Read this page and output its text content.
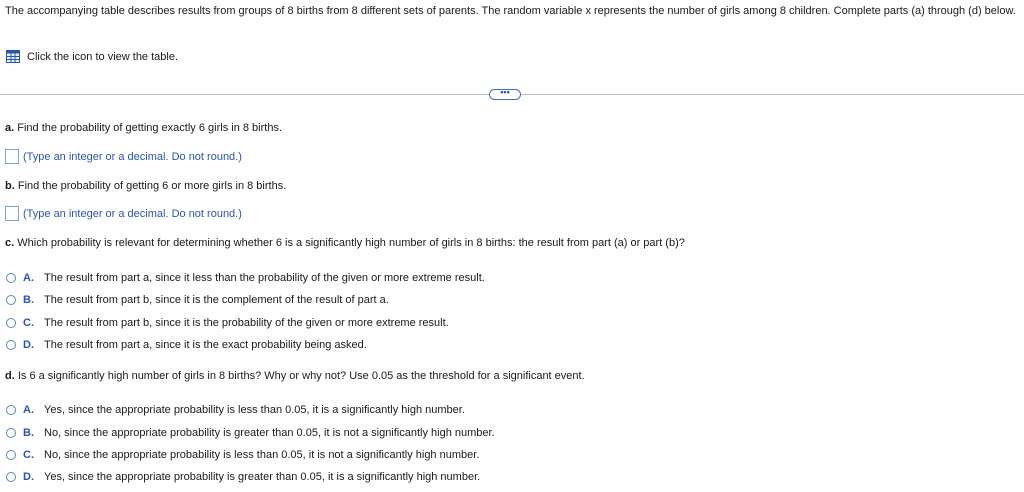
The accompanying table describes results from groups of 8 births from 8 different sets of parents. The random variable x represents the number of girls among 8 children. Complete parts (a) through (d) below.
Click the icon to view the table.
•••
a. Find the probability of getting exactly 6 girls in 8 births.
(Type an integer or a decimal. Do not round.)
b. Find the probability of getting 6 or more girls in 8 births.
(Type an integer or a decimal. Do not round.)
c. Which probability is relevant for determining whether 6 is a significantly high number of girls in 8 births: the result from part (a) or part (b)?
A. The result from part a, since it less than the probability of the given or more extreme result.
B. The result from part b, since it is the complement of the result of part a.
C. The result from part b, since it is the probability of the given or more extreme result.
D. The result from part a, since it is the exact probability being asked.
d. Is 6 a significantly high number of girls in 8 births? Why or why not? Use 0.05 as the threshold for a significant event.
A. Yes, since the appropriate probability is less than 0.05, it is a significantly high number.
B. No, since the appropriate probability is greater than 0.05, it is not a significantly high number.
C. No, since the appropriate probability is less than 0.05, it is not a significantly high number.
D. Yes, since the appropriate probability is greater than 0.05, it is a significantly high number.
